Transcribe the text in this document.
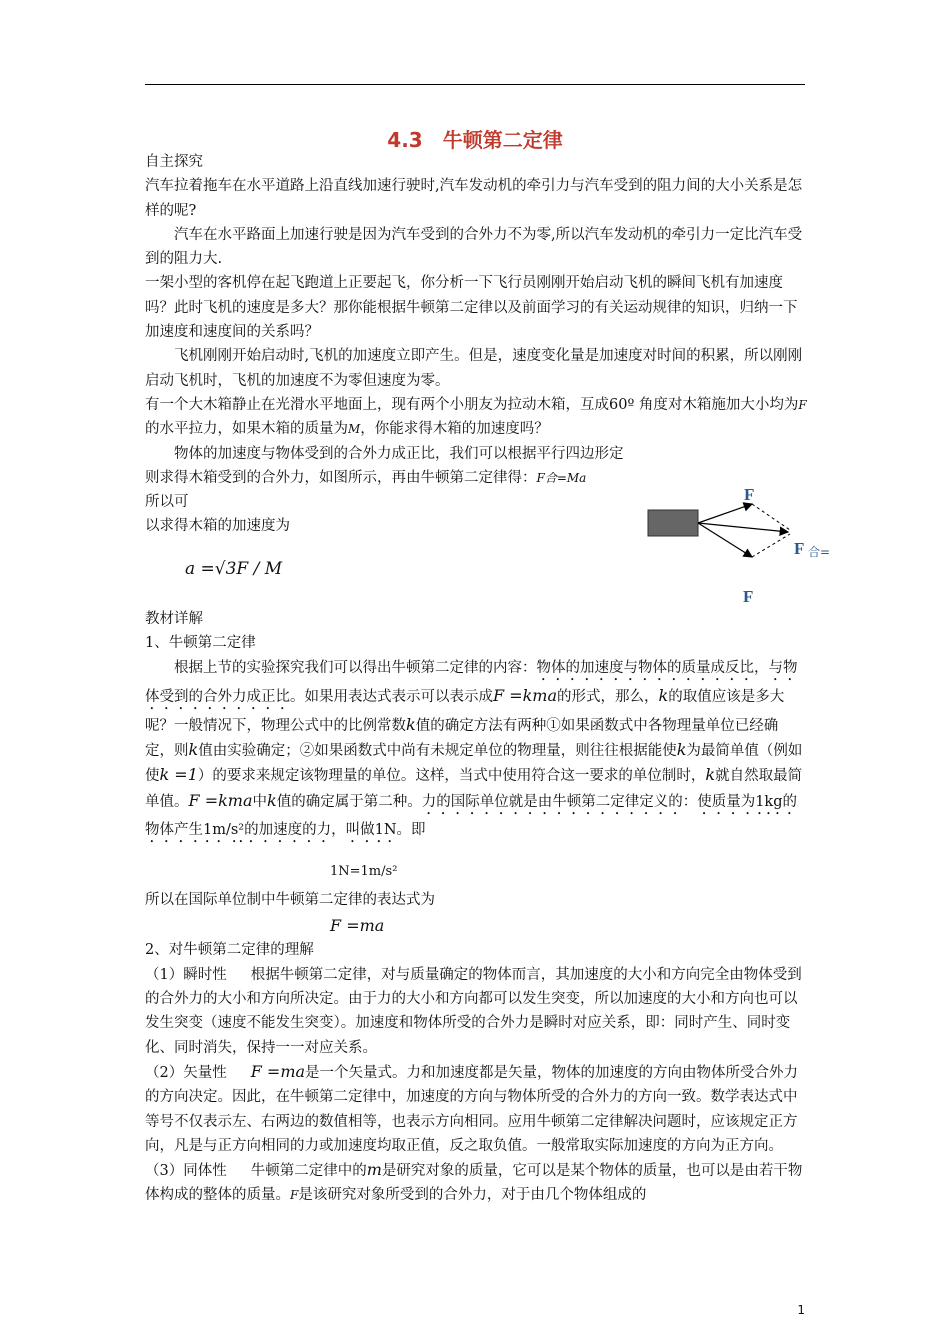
4.3　牛顿第二定律

自主探究

汽车拉着拖车在水平道路上沿直线加速行驶时,汽车发动机的牵引力与汽车受到的阻力间的大小关系是怎样的呢?

汽车在水平路面上加速行驶是因为汽车受到的合外力不为零,所以汽车发动机的牵引力一定比汽车受到的阻力大.

一架小型的客机停在起飞跑道上正要起飞，你分析一下飞行员刚刚开始启动飞机的瞬间飞机有加速度吗？此时飞机的速度是多大？那你能根据牛顿第二定律以及前面学习的有关运动规律的知识，归纳一下加速度和速度间的关系吗？

飞机刚刚开始启动时,飞机的加速度立即产生。但是，速度变化量是加速度对时间的积累，所以刚刚启动飞机时，飞机的加速度不为零但速度为零。

有一个大木箱静止在光滑水平地面上，现有两个小朋友为拉动木箱，互成60º 角度对木箱施加大小均为F的水平拉力，如果木箱的质量为M，你能求得木箱的加速度吗？

物体的加速度与物体受到的合外力成正比，我们可以根据平行四边形定则求得木箱受到的合外力，如图所示，再由牛顿第二定律得：F合=Ma所以可

以求得木箱的加速度为

a =√3F / M

教材详解

1、牛顿第二定律

根据上节的实验探究我们可以得出牛顿第二定律的内容：物体的加速度与物体的质量成反比，与物体受到的合外力成正比。如果用表达式表示可以表示成F =kma的形式，那么，k的取值应该是多大呢？一般情况下，物理公式中的比例常数k值的确定方法有两种①如果函数式中各物理量单位已经确定，则k值由实验确定；②如果函数式中尚有未规定单位的物理量，则往往根据能使k为最简单值（例如使k =1）的要求来规定该物理量的单位。这样，当式中使用符合这一要求的单位制时，k就自然取最简单值。F =kma中k值的确定属于第二种。力的国际单位就是由牛顿第二定律定义的：使质量为1kg的物体产生1m/s²的加速度的力，叫做1N。即

1N=1m/s²

所以在国际单位制中牛顿第二定律的表达式为

F =ma

2、对牛顿第二定律的理解

（1）瞬时性 根据牛顿第二定律，对与质量确定的物体而言，其加速度的大小和方向完全由物体受到的合外力的大小和方向所决定。由于力的大小和方向都可以发生突变，所以加速度的大小和方向也可以发生突变（速度不能发生突变）。加速度和物体所受的合外力是瞬时对应关系，即：同时产生、同时变化、同时消失，保持一一对应关系。

（2）矢量性 F =ma是一个矢量式。力和加速度都是矢量，物体的加速度的方向由物体所受合外力的方向决定。因此，在牛顿第二定律中，加速度的方向与物体所受的合外力的方向一致。数学表达式中等号不仅表示左、右两边的数值相等，也表示方向相同。应用牛顿第二定律解决问题时，应该规定正方向，凡是与正方向相同的力或加速度均取正值，反之取负值。一般常取实际加速度的方向为正方向。

（3）同体性 牛顿第二定律中的m是研究对象的质量，它可以是某个物体的质量，也可以是由若干物体构成的整体的质量。F是该研究对象所受到的合外力，对于由几个物体组成的

F
F 合=
F
1
